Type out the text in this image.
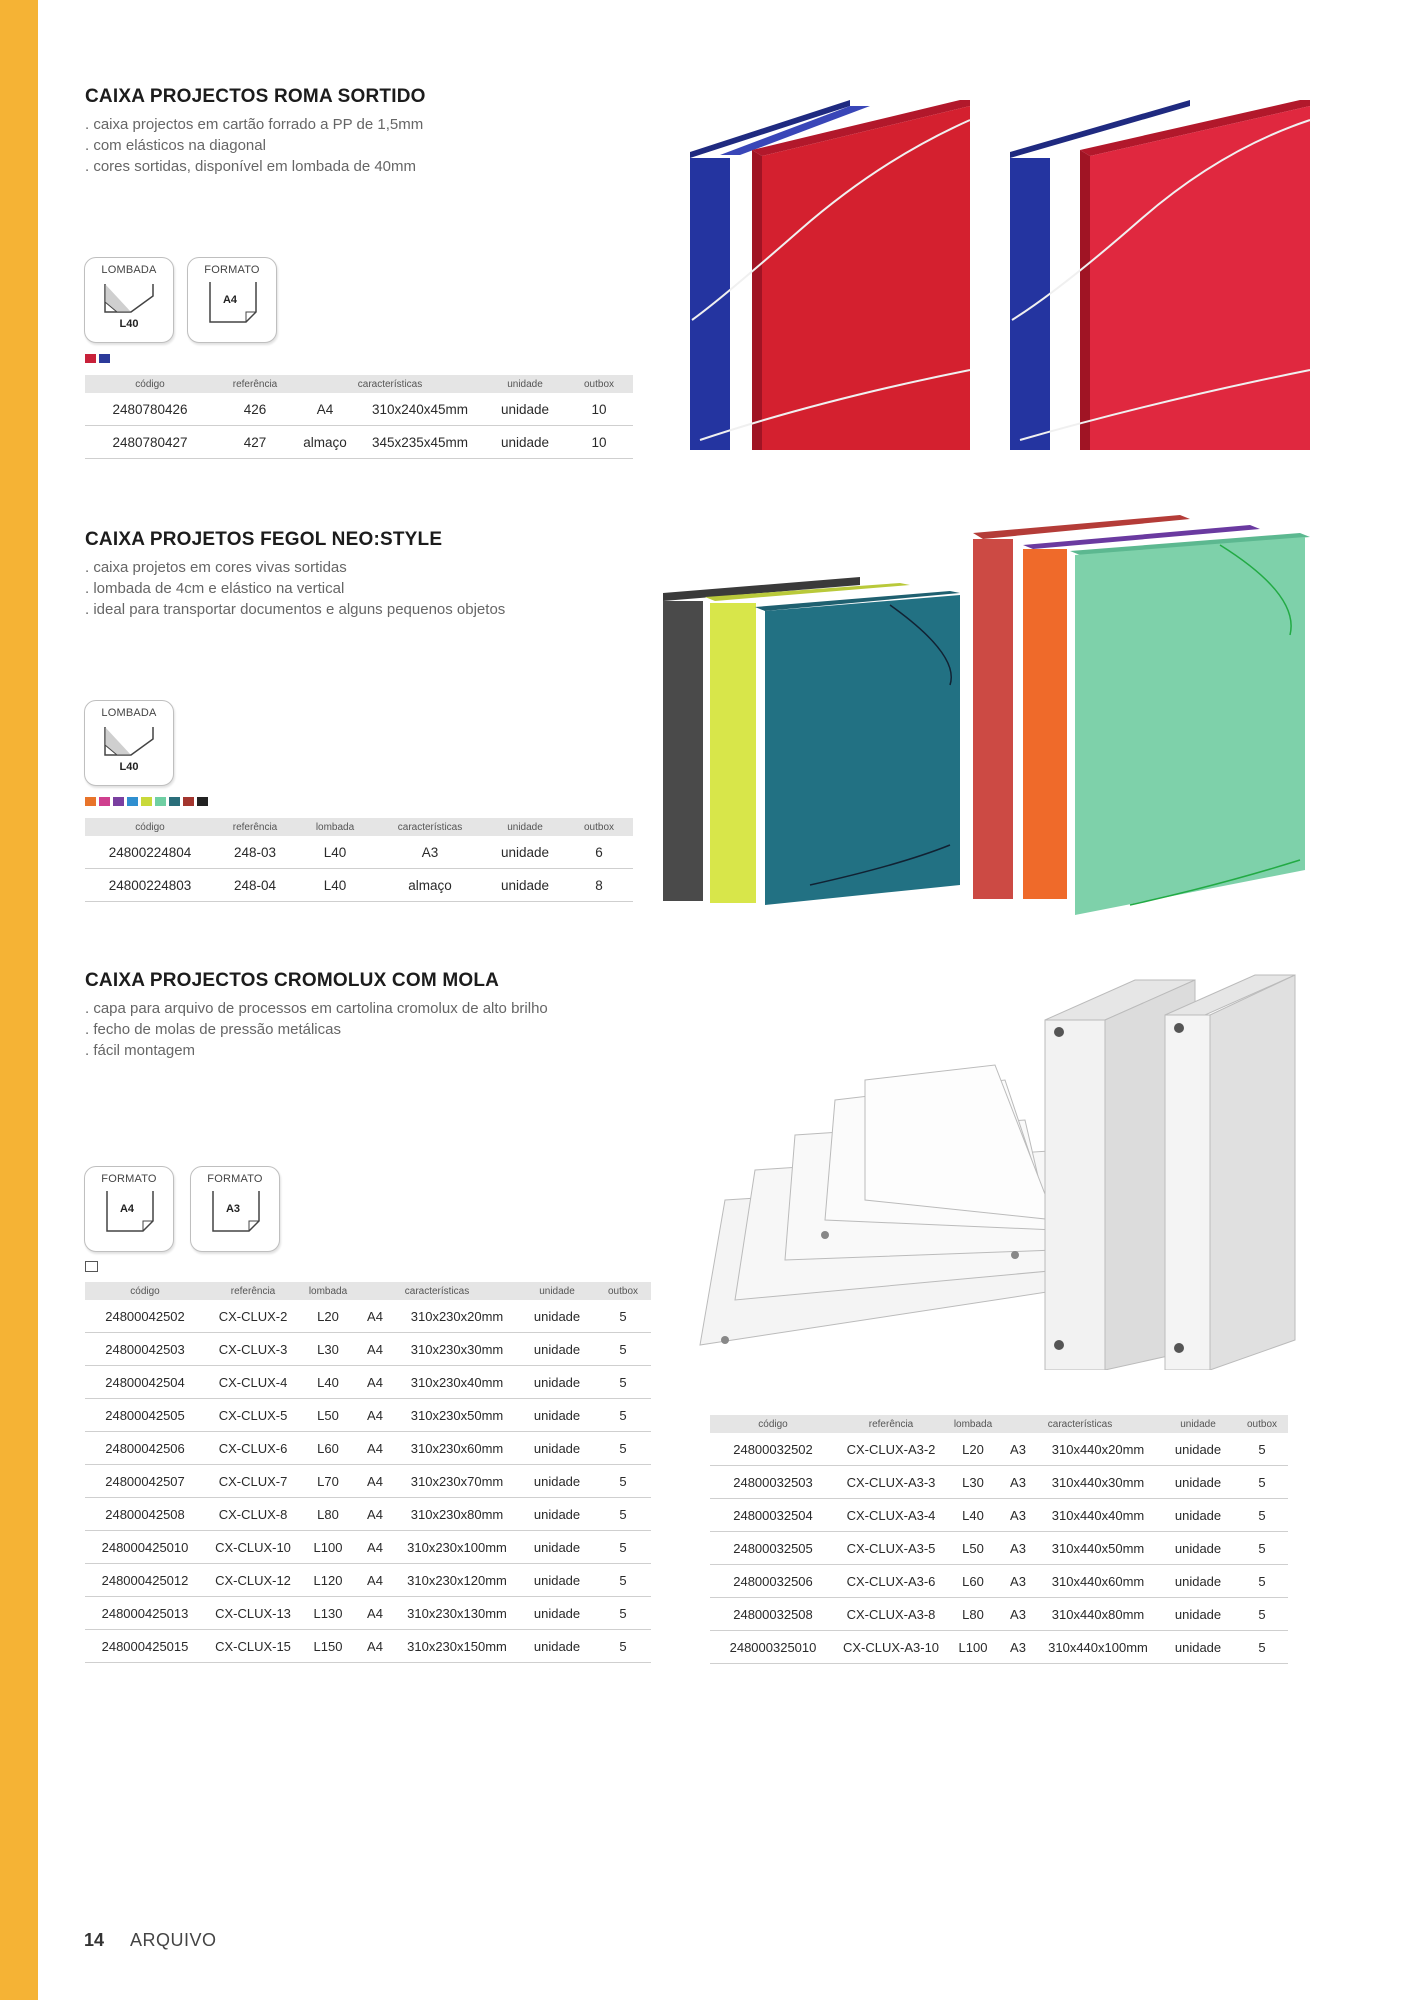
CAIXA PROJECTOS ROMA SORTIDO
. caixa projectos em cartão forrado a PP de 1,5mm
. com elásticos na diagonal
. cores sortidas, disponível em lombada de 40mm
LOMBADA
L40
FORMATO
A4
código	referência	características		unidade	outbox
2480780426	426	A4	310x240x45mm	unidade	10
2480780427	427	almaço	345x235x45mm	unidade	10
CAIXA PROJETOS FEGOL NEO:STYLE
. caixa projetos em cores vivas sortidas
. lombada de 4cm e elástico na vertical
. ideal para transportar documentos e alguns pequenos objetos
LOMBADA
L40
código	referência	lombada	características	unidade	outbox
24800224804	248-03	L40	A3	unidade	6
24800224803	248-04	L40	almaço	unidade	8
CAIXA PROJECTOS CROMOLUX COM MOLA
. capa para arquivo de processos em cartolina cromolux de alto brilho
. fecho de molas de pressão metálicas
. fácil montagem
FORMATO
A4
FORMATO
A3
código	referência	lombada	características		unidade	outbox
24800042502	CX-CLUX-2	L20	A4	310x230x20mm	unidade	5
24800042503	CX-CLUX-3	L30	A4	310x230x30mm	unidade	5
24800042504	CX-CLUX-4	L40	A4	310x230x40mm	unidade	5
24800042505	CX-CLUX-5	L50	A4	310x230x50mm	unidade	5
24800042506	CX-CLUX-6	L60	A4	310x230x60mm	unidade	5
24800042507	CX-CLUX-7	L70	A4	310x230x70mm	unidade	5
24800042508	CX-CLUX-8	L80	A4	310x230x80mm	unidade	5
248000425010	CX-CLUX-10	L100	A4	310x230x100mm	unidade	5
248000425012	CX-CLUX-12	L120	A4	310x230x120mm	unidade	5
248000425013	CX-CLUX-13	L130	A4	310x230x130mm	unidade	5
248000425015	CX-CLUX-15	L150	A4	310x230x150mm	unidade	5
código	referência	lombada	características		unidade	outbox
24800032502	CX-CLUX-A3-2	L20	A3	310x440x20mm	unidade	5
24800032503	CX-CLUX-A3-3	L30	A3	310x440x30mm	unidade	5
24800032504	CX-CLUX-A3-4	L40	A3	310x440x40mm	unidade	5
24800032505	CX-CLUX-A3-5	L50	A3	310x440x50mm	unidade	5
24800032506	CX-CLUX-A3-6	L60	A3	310x440x60mm	unidade	5
24800032508	CX-CLUX-A3-8	L80	A3	310x440x80mm	unidade	5
248000325010	CX-CLUX-A3-10	L100	A3	310x440x100mm	unidade	5
14 ARQUIVO
